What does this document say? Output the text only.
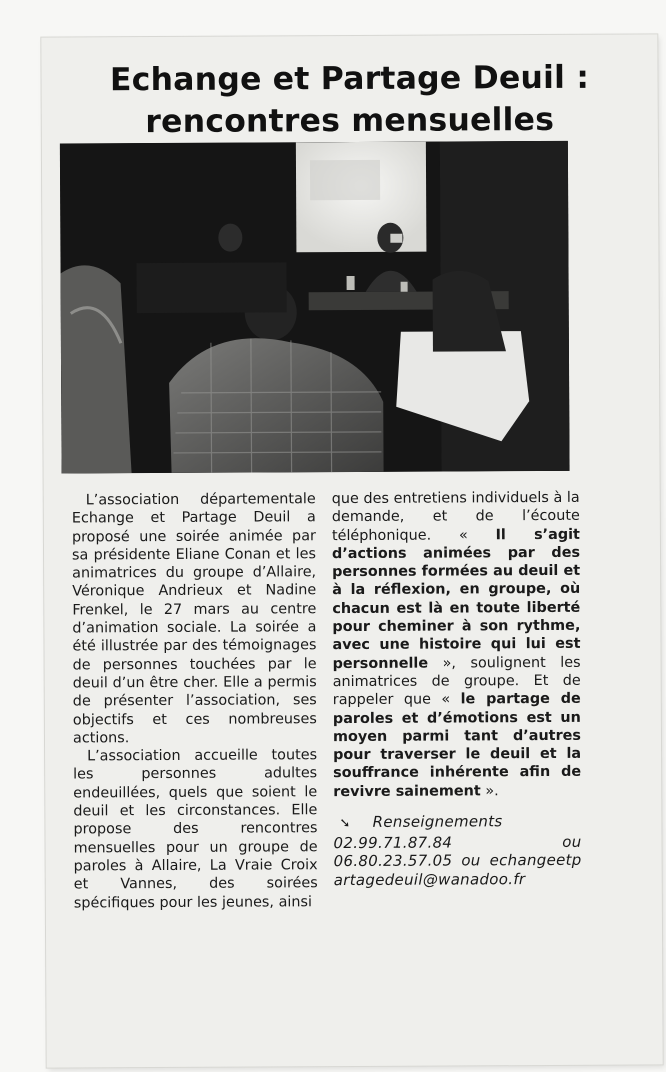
Echange et Partage Deuil :
rencontres mensuelles

L’association départementale Echange et Partage Deuil a proposé une soirée animée par sa présidente Eliane Conan et les animatrices du groupe d’Allaire, Véronique Andrieux et Nadine Frenkel, le 27 mars au centre d’animation sociale. La soirée a été illustrée par des témoignages de personnes touchées par le deuil d’un être cher. Elle a permis de présenter l’association, ses objectifs et ces nombreuses actions.

L’association accueille toutes les personnes adultes endeuillées, quels que soient le deuil et les circonstances. Elle propose des rencontres mensuelles pour un groupe de paroles à Allaire, La Vraie Croix et Vannes, des soirées spécifiques pour les jeunes, ainsi

que des entretiens individuels à la demande, et de l’écoute téléphonique. « Il s’agit d’actions animées par des personnes formées au deuil et à la réflexion, en groupe, où chacun est là en toute liberté pour cheminer à son rythme, avec une histoire qui lui est personnelle », soulignent les animatrices de groupe. Et de rappeler que « le partage de paroles et d’émotions est un moyen parmi tant d’autres pour traverser le deuil et la souffrance inhérente afin de revivre sainement ».

➘ Renseignements
02.99.71.87.84	ou
06.80.23.57.05 ou echangeetpartagedeuil@wanadoo.fr
